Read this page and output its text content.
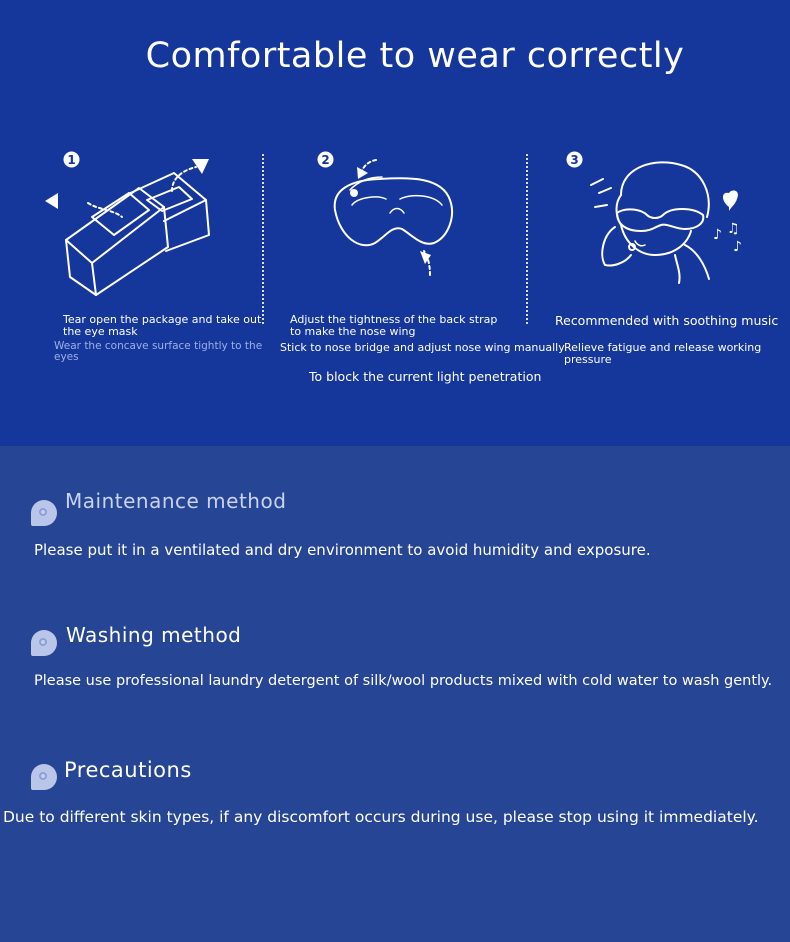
Comfortable to wear correctly
1
Tear open the package and take out the eye mask
Wear the concave surface tightly to the eyes
2
Adjust the tightness of the back strap to make the nose wing
Stick to nose bridge and adjust nose wing manually
To block the current light penetration
3
♪ ♫
♪
Recommended with soothing music
Relieve fatigue and release working pressure
Maintenance method
Please put it in a ventilated and dry environment to avoid humidity and exposure.
Washing method
Please use professional laundry detergent of silk/wool products mixed with cold water to wash gently.
Precautions
Due to different skin types, if any discomfort occurs during use, please stop using it immediately.
